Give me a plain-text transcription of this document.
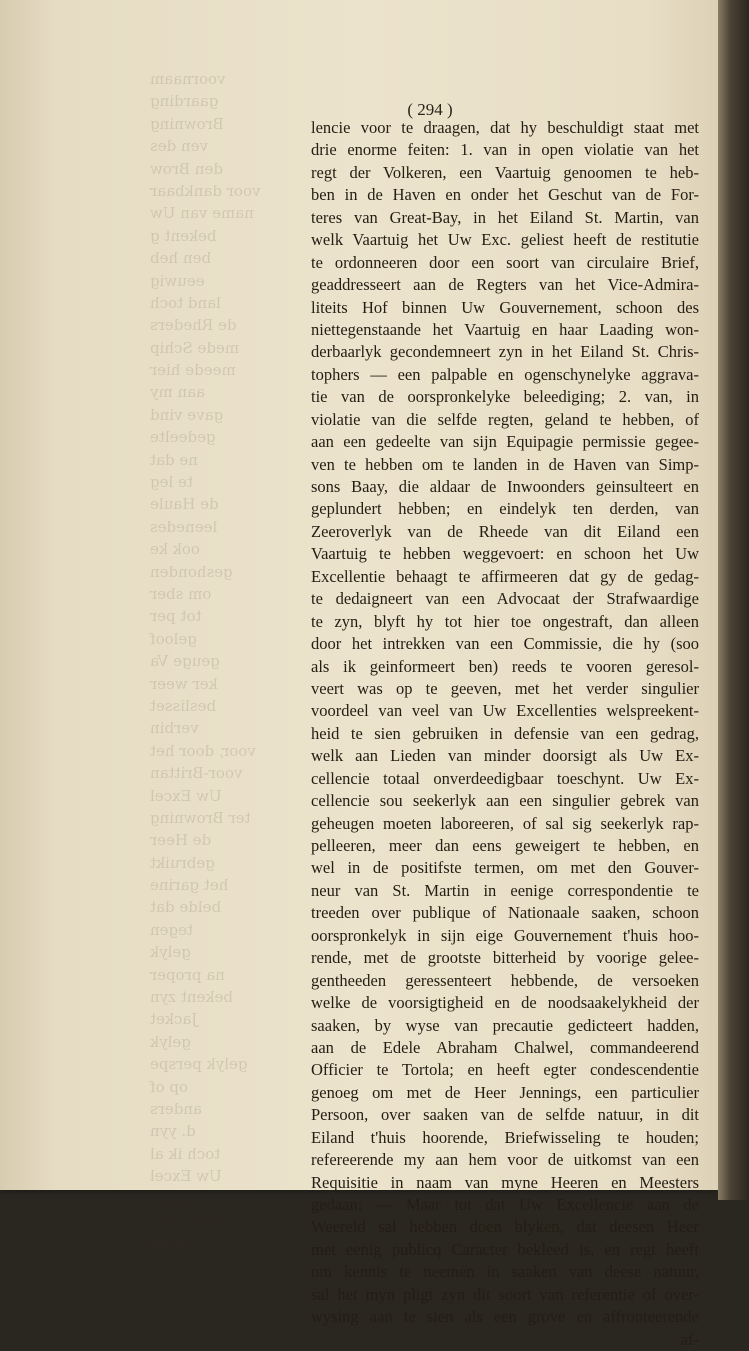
voornaam
gaarding
Browning
ven des
den Brow
voor dankbaar
name van Uw
bekent g
ben heb
eeuwig
land toch
de Rheders
mede Schip
meede hier
aan my
gave vind
gedeelte
ne dat
te leg
de Haule
leenedes
ook ke
geshonden
om sber
tot per
geloof
geuge Va
ker weer
beslisset
verbin
voor, door het
voor-Brittan
Uw Excel
ter Browning
de Heer
gebruikt
het garine
belde dat
tegen
gelyk
na proper
bekent zyn
Jacket
gelyk
gelyk perspe
op of
anders
d. yyn
toch ik al
Uw Excel
tot het
Uw Excel
bebb
( 294 )
lencie voor te draagen, dat hy beschuldigt staat met
drie enorme feiten: 1. van in open violatie van het
regt der Volkeren, een Vaartuig genoomen te heb-
ben in de Haven en onder het Geschut van de For-
teres van Great-Bay, in het Eiland St. Martin, van
welk Vaartuig het Uw Exc. geliest heeft de restitutie
te ordonneeren door een soort van circulaire Brief,
geaddresseert aan de Regters van het Vice-Admira-
liteits Hof binnen Uw Gouvernement, schoon des
niettegenstaande het Vaartuig en haar Laading won-
derbaarlyk gecondemneert zyn in het Eiland St. Chris-
tophers — een palpable en ogenschynelyke aggrava-
tie van de oorspronkelyke beleediging; 2. van, in
violatie van die selfde regten, geland te hebben, of
aan een gedeelte van sijn Equipagie permissie gegee-
ven te hebben om te landen in de Haven van Simp-
sons Baay, die aldaar de Inwoonders geinsulteert en
geplundert hebben; en eindelyk ten derden, van
Zeeroverlyk van de Rheede van dit Eiland een
Vaartuig te hebben weggevoert: en schoon het Uw
Excellentie behaagt te affirmeeren dat gy de gedag-
te dedaigneert van een Advocaat der Strafwaardige
te zyn, blyft hy tot hier toe ongestraft, dan alleen
door het intrekken van een Commissie, die hy (soo
als ik geinformeert ben) reeds te vooren geresol-
veert was op te geeven, met het verder singulier
voordeel van veel van Uw Excellenties welspreekent-
heid te sien gebruiken in defensie van een gedrag,
welk aan Lieden van minder doorsigt als Uw Ex-
cellencie totaal onverdeedigbaar toeschynt. Uw Ex-
cellencie sou seekerlyk aan een singulier gebrek van
geheugen moeten laboreeren, of sal sig seekerlyk rap-
pelleeren, meer dan eens geweigert te hebben, en
wel in de positifste termen, om met den Gouver-
neur van St. Martin in eenige correspondentie te
treeden over publique of Nationaale saaken, schoon
oorspronkelyk in sijn eige Gouvernement t'huis hoo-
rende, met de grootste bitterheid by voorige gelee-
gentheeden geressenteert hebbende, de versoeken
welke de voorsigtigheid en de noodsaakelykheid der
saaken, by wyse van precautie gedicteert hadden,
aan de Edele Abraham Chalwel, commandeerend
Officier te Tortola; en heeft egter condescendentie
genoeg om met de Heer Jennings, een particulier
Persoon, over saaken van de selfde natuur, in dit
Eiland t'huis hoorende, Briefwisseling te houden;
refereerende my aan hem voor de uitkomst van een
Requisitie in naam van myne Heeren en Meesters
gedaan: — Maar tot dat Uw Excellencie aan de
Weereld sal hebben doen blyken, dat deesen Heer
met eenig publicq Caracter bekleed is, en regt heeft
om kennis te neemen in saaken van deese natuur,
sal het myn pligt zyn dit soort van referentie of over-
wysing aan te sien als een grove en affronteerende
af-
